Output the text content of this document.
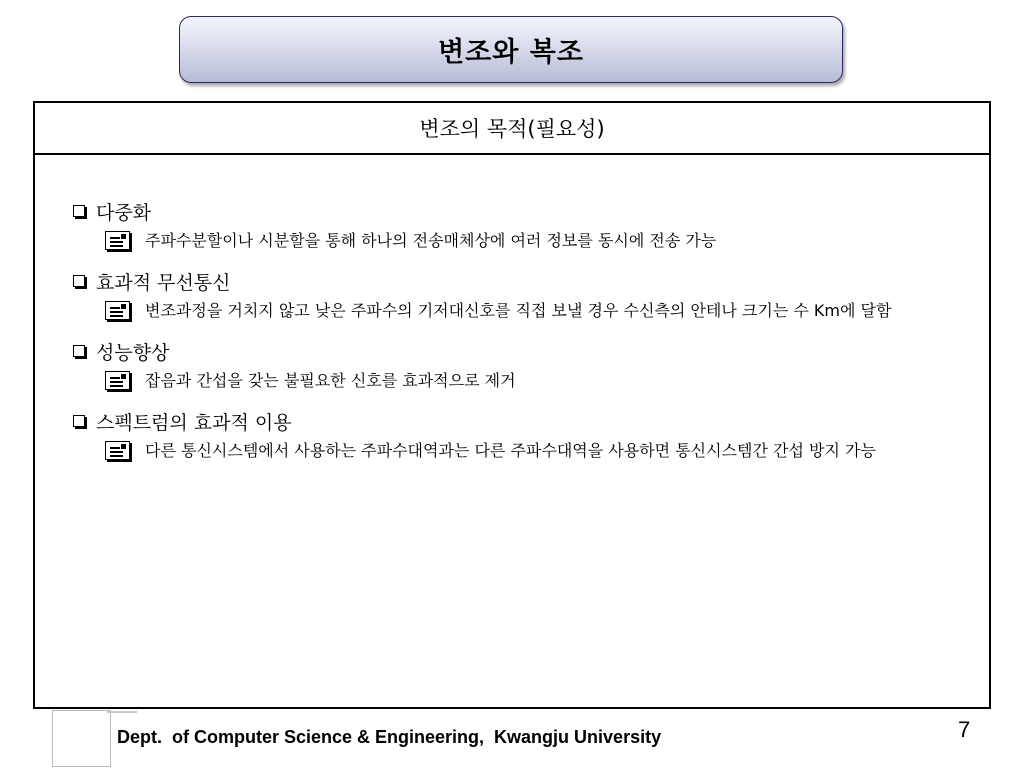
변조와 복조
변조의 목적(필요성)
다중화
주파수분할이나 시분할을 통해 하나의 전송매체상에 여러 정보를 동시에 전송 가능
효과적 무선통신
변조과정을 거치지 않고 낮은 주파수의 기저대신호를 직접 보낼 경우 수신측의 안테나 크기는 수 Km에 달함
성능향상
잡음과 간섭을 갖는 불필요한 신호를 효과적으로 제거
스펙트럼의 효과적 이용
다른 통신시스템에서 사용하는 주파수대역과는 다른 주파수대역을 사용하면 통신시스템간 간섭 방지 가능
Dept.  of Computer Science & Engineering,  Kwangju University	7
